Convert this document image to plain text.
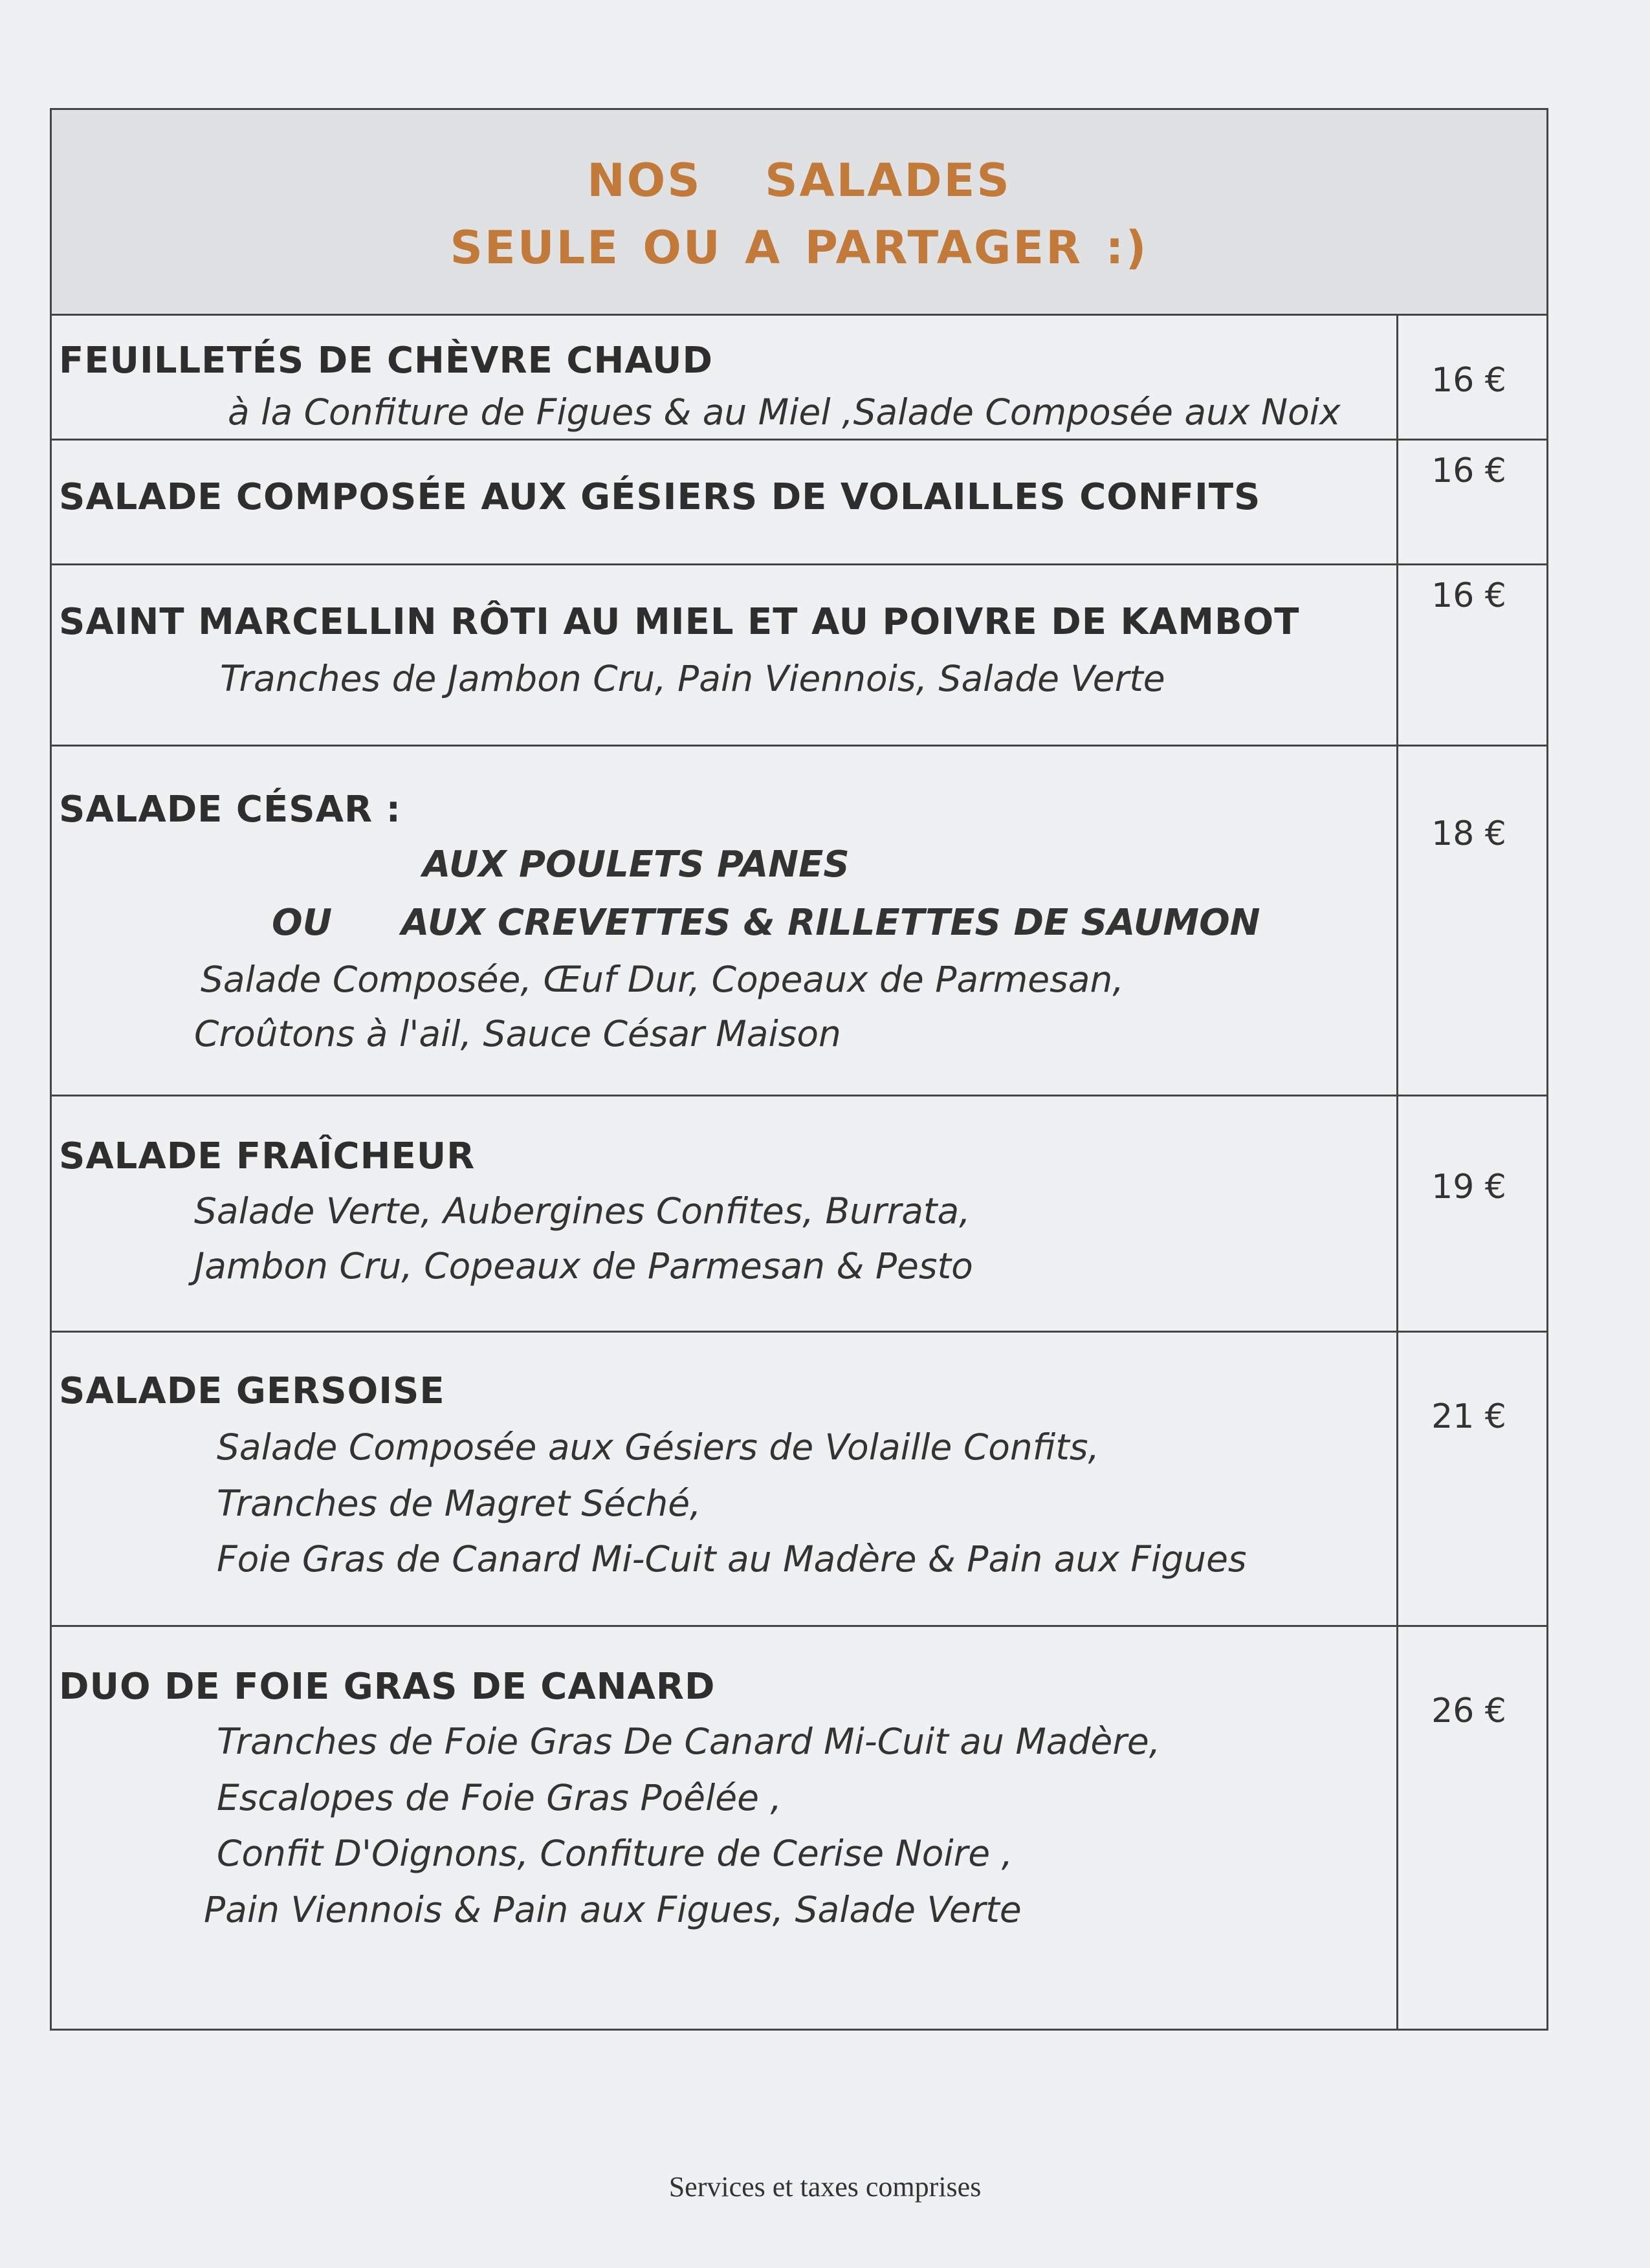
NOS SALADES
SEULE OU A PARTAGER :)
FEUILLETÉS DE CHÈVRE CHAUD
à la Confiture de Figues & au Miel ,Salade Composée aux Noix
16 €
SALADE COMPOSÉE AUX GÉSIERS DE VOLAILLES CONFITS
16 €
SAINT MARCELLIN RÔTI AU MIEL ET AU POIVRE DE KAMBOT
Tranches de Jambon Cru, Pain Viennois, Salade Verte
16 €
SALADE CÉSAR :
AUX POULETS PANES
OU AUX CREVETTES & RILLETTES DE SAUMON
Salade Composée, Œuf Dur, Copeaux de Parmesan,
Croûtons à l'ail, Sauce César Maison
18 €
SALADE FRAÎCHEUR
Salade Verte, Aubergines Confites, Burrata,
Jambon Cru, Copeaux de Parmesan & Pesto
19 €
SALADE GERSOISE
Salade Composée aux Gésiers de Volaille Confits,
Tranches de Magret Séché,
Foie Gras de Canard Mi-Cuit au Madère & Pain aux Figues
21 €
DUO DE FOIE GRAS DE CANARD
Tranches de Foie Gras De Canard Mi-Cuit au Madère,
Escalopes de Foie Gras Poêlée ,
Confit D'Oignons, Confiture de Cerise Noire ,
Pain Viennois & Pain aux Figues, Salade Verte
26 €
Services et taxes comprises
